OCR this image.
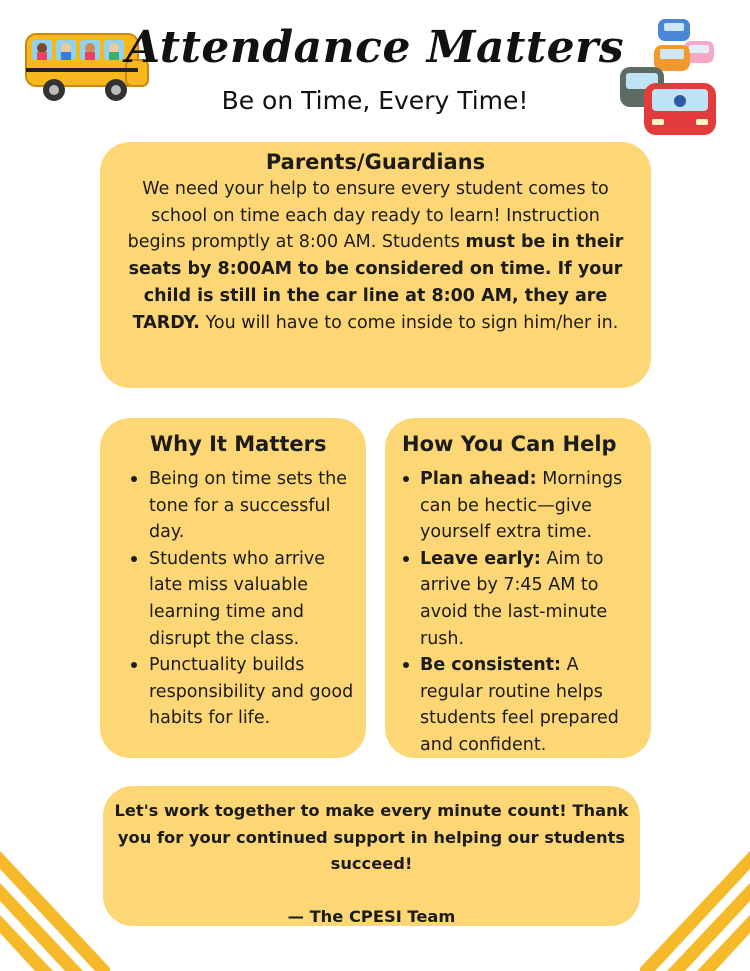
Attendance Matters
Be on Time, Every Time!
Parents/Guardians

We need your help to ensure every student comes to school on time each day ready to learn! Instruction begins promptly at 8:00 AM. Students must be in their seats by 8:00AM to be considered on time. If your child is still in the car line at 8:00 AM, they are TARDY. You will have to come inside to sign him/her in.

Why It Matters
Being on time sets the tone for a successful day.
Students who arrive late miss valuable learning time and disrupt the class.
Punctuality builds responsibility and good habits for life.
How You Can Help
Plan ahead: Mornings can be hectic—give yourself extra time.
Leave early: Aim to arrive by 7:45 AM to avoid the last-minute rush.
Be consistent: A regular routine helps students feel prepared and confident.

Let's work together to make every minute count! Thank you for your continued support in helping our students succeed!

— The CPESI Team
